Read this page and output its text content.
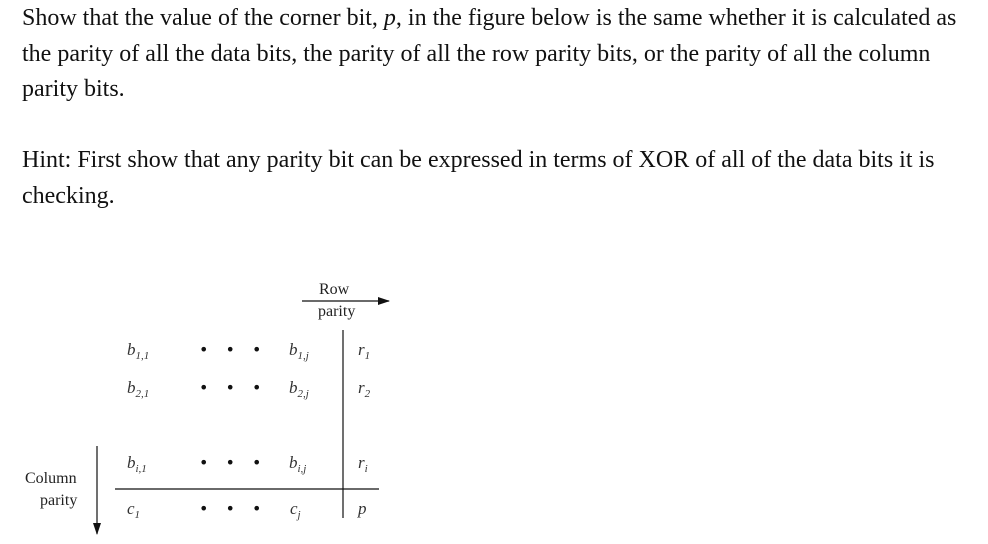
Show that the value of the corner bit, p, in the figure below is the same whether it is calculated as the parity of all the data bits, the parity of all the row parity bits, or the parity of all the column parity bits.

Hint: First show that any parity bit can be expressed in terms of XOR of all of the data bits it is checking.

Row
parity
Column
parity
$b_{1,1}$	• • • $b_{1,j}$	$r_1$
$b_{2,1}$	• • • $b_{2,j}$	$r_2$
$b_{i,1}$	• • • $b_{i,j}$	$r_i$
$c_1$	• • • $c_j$	p
